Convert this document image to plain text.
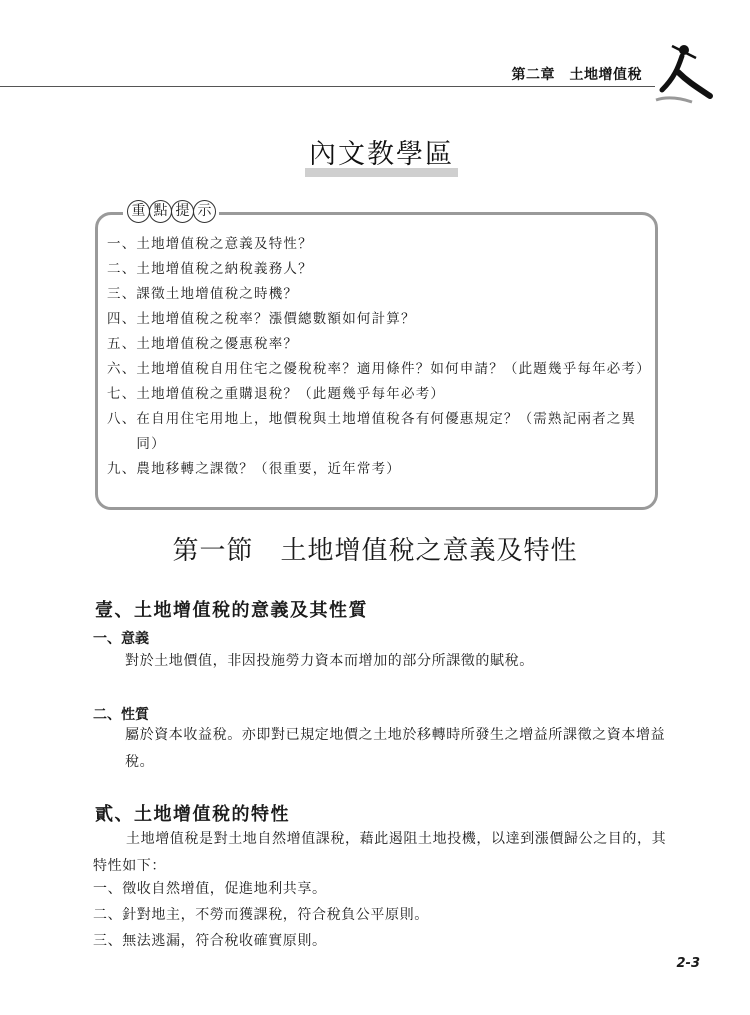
第二章　土地增值稅
內文教學區
重 點 提 示
一、 土地增值稅之意義及特性？
二、 土地增值稅之納稅義務人？
三、 課徵土地增值稅之時機？
四、 土地增值稅之稅率？漲價總數額如何計算？
五、 土地增值稅之優惠稅率？
六、 土地增值稅自用住宅之優稅稅率？適用條件？如何申請？（此題幾乎每年必考）
七、 土地增值稅之重購退稅？（此題幾乎每年必考）
八、 在自用住宅用地上，地價稅與土地增值稅各有何優惠規定？（需熟記兩者之異同）
九、 農地移轉之課徵？（很重要，近年常考）
第一節　土地增值稅之意義及特性
壹、土地增值稅的意義及其性質
一、意義
對於土地價值，非因投施勞力資本而增加的部分所課徵的賦稅。
二、性質
屬於資本收益稅。亦即對已規定地價之土地於移轉時所發生之增益所課徵之資本增益稅。
貳、土地增值稅的特性
土地增值稅是對土地自然增值課稅，藉此遏阻土地投機，以達到漲價歸公之目的，其特性如下：
一、徵收自然增值，促進地利共享。
二、針對地主，不勞而獲課稅，符合稅負公平原則。
三、無法逃漏，符合稅收確實原則。
2-3
